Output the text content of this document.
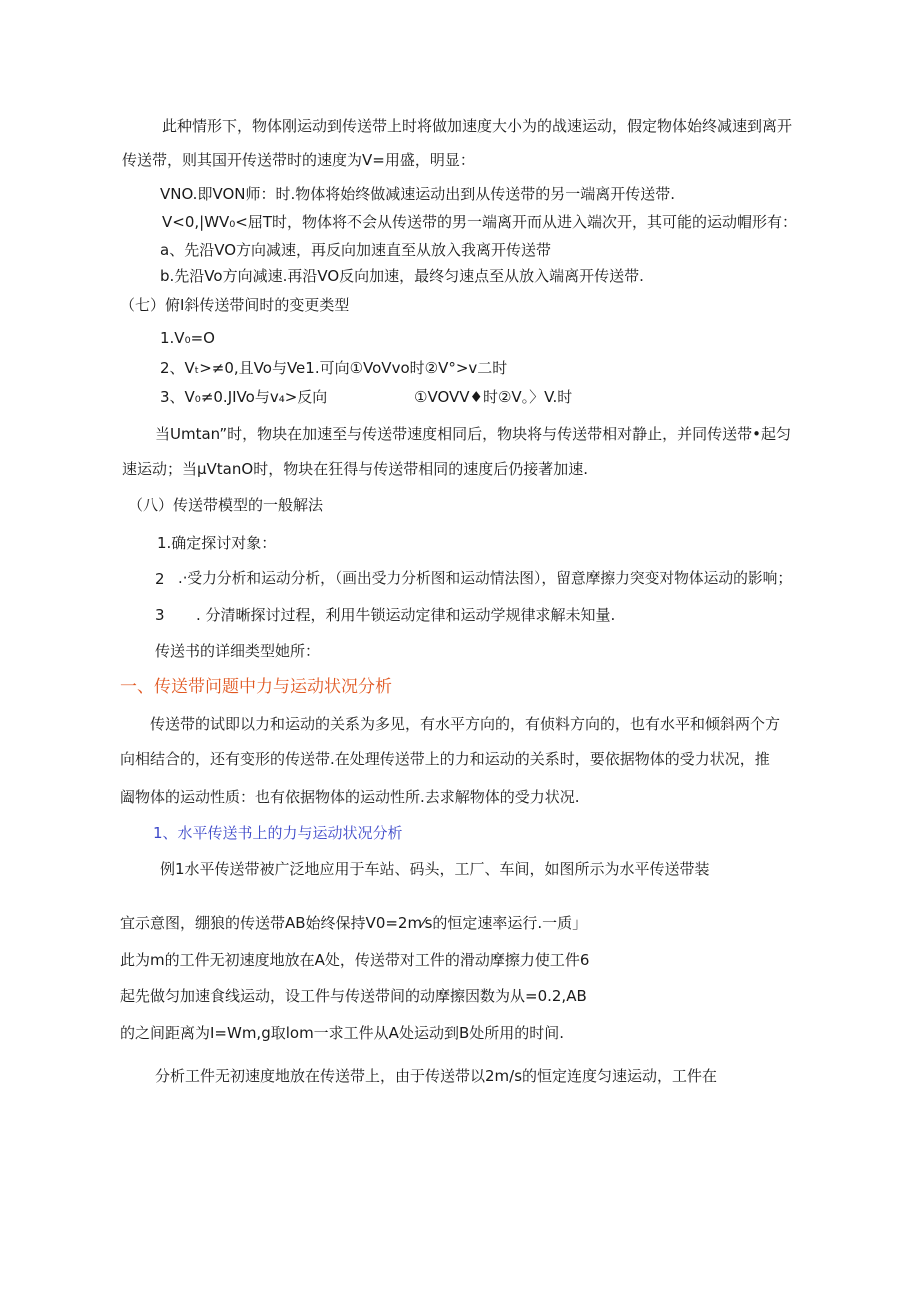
此种情形下，物体刚运动到传送带上时将做加速度大小为的战速运动，假定物体始终减速到离开
传送带，则其国开传送带时的速度为V=用盛，明显：
VNO.即VON师：时.物体将始终做减速运动出到从传送带的另一端离开传送带.
V<0,|WV₀<屈T时，物体将不会从传送带的男一端离开而从进入端次开，其可能的运动帽形有：
a、先沿VO方向减速，再反向加速直至从放入我离开传送带
b.先沿Vo方向减速.再沿VO反向加速，最终匀速点至从放入端离开传送带.
（七）俯I斜传送带间时的变更类型
1.V₀=O
2、Vₜ>≠0,且Vo与Ve1.可向①VoVvo时②V°>v二时
3、V₀≠0.JIVo与v₄>反向	①VOVV♦时②V。〉V.时
当Umtan”时，物块在加速至与传送带速度相同后，物块将与传送带相对静止，并同传送带•起匀
速运动；当μVtanO时，物块在狂得与传送带相同的速度后仍接著加速.
（八）传送带模型的一般解法
1.确定探讨对象：
2 .·受力分析和运动分析，（画出受力分析图和运动情法图），留意摩擦力突变对物体运动的影响；
3 . 分清晰探讨过程，利用牛锁运动定律和运动学规律求解未知量.
传送书的详细类型她所：
一、传送带问题中力与运动状况分析
传送带的试即以力和运动的关系为多见，有水平方向的，有侦料方向的，也有水平和倾斜两个方
向相结合的，还有变形的传送带.在处理传送带上的力和运动的关系时，要依据物体的受力状况，推
阖物体的运动性质：也有依据物体的运动性所.去求解物体的受力状况.
1、水平传送书上的力与运动状况分析
例1水平传送带被广泛地应用于车站、码头，工厂、车间，如图所示为水平传送带装
宜示意图，绷狼的传送带AB始终保持V0=2m⁄s的恒定速率运行.一质」
此为m的工件无初速度地放在A处，传送带对工件的滑动摩擦力使工件6
起先做匀加速食线运动，设工件与传送带间的动摩擦因数为从=0.2,AB
的之间距离为I=Wm,g取lom一求工件从A处运动到B处所用的时间.
分析工件无初速度地放在传送带上，由于传送带以2m/s的恒定连度匀速运动，工件在
